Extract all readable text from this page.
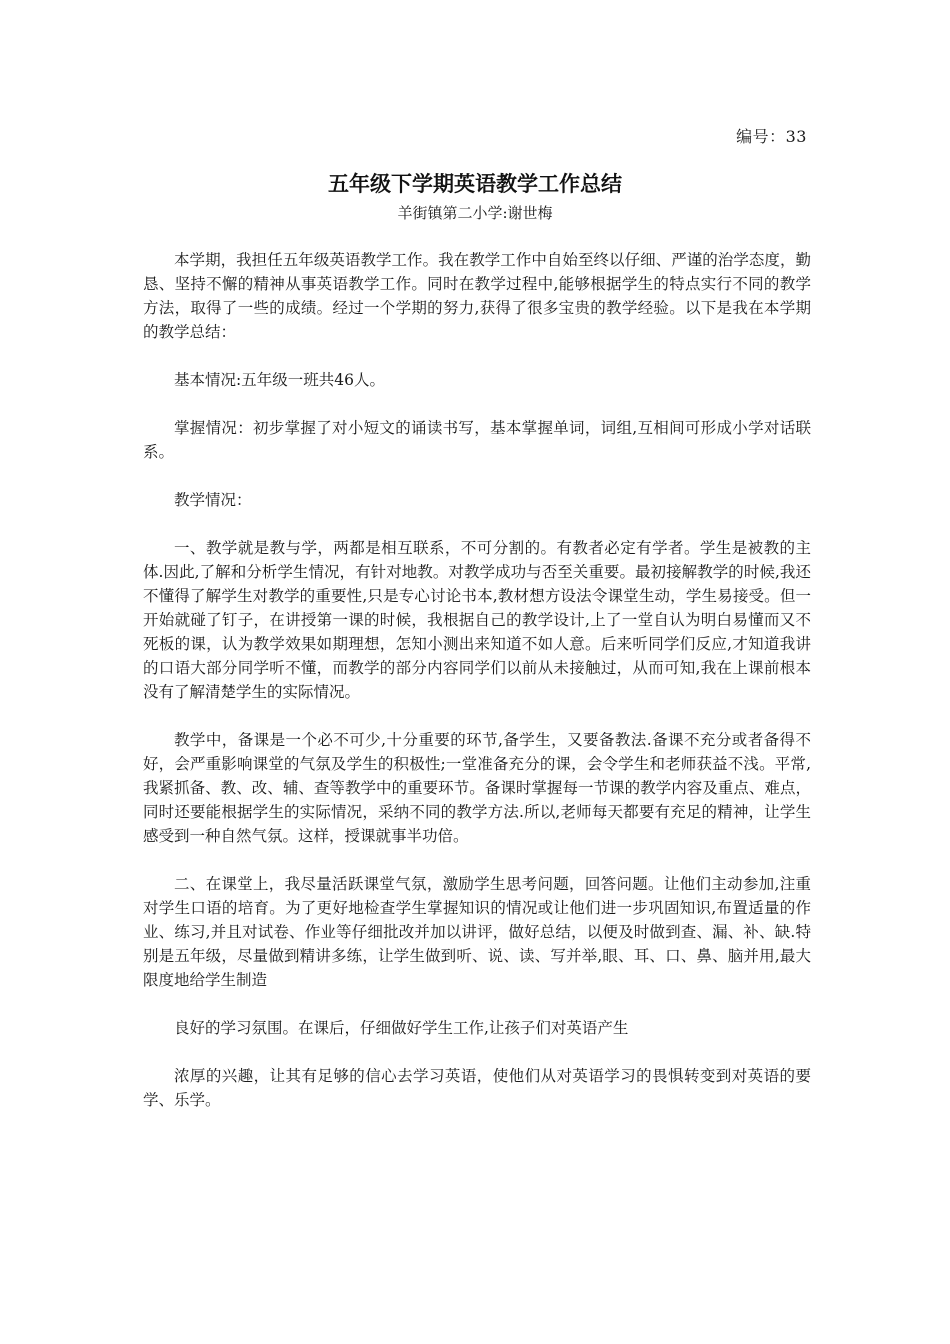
编号：33
五年级下学期英语教学工作总结
羊街镇第二小学:谢世梅

本学期，我担任五年级英语教学工作。我在教学工作中自始至终以仔细、严谨的治学态度，勤恳、坚持不懈的精神从事英语教学工作。同时在教学过程中,能够根据学生的特点实行不同的教学方法，取得了一些的成绩。经过一个学期的努力,获得了很多宝贵的教学经验。以下是我在本学期的教学总结：

基本情况:五年级一班共46人。

掌握情况：初步掌握了对小短文的诵读书写，基本掌握单词，词组,互相间可形成小学对话联系。

教学情况：

一、教学就是教与学，两都是相互联系，不可分割的。有教者必定有学者。学生是被教的主体.因此,了解和分析学生情况，有针对地教。对教学成功与否至关重要。最初接解教学的时候,我还不懂得了解学生对教学的重要性,只是专心讨论书本,教材想方设法令课堂生动，学生易接受。但一开始就碰了钉子，在讲授第一课的时候，我根据自己的教学设计,上了一堂自认为明白易懂而又不死板的课，认为教学效果如期理想，怎知小测出来知道不如人意。后来听同学们反应,才知道我讲的口语大部分同学听不懂，而教学的部分内容同学们以前从未接触过，从而可知,我在上课前根本没有了解清楚学生的实际情况。

教学中，备课是一个必不可少,十分重要的环节,备学生，又要备教法.备课不充分或者备得不好，会严重影响课堂的气氛及学生的积极性;一堂准备充分的课，会令学生和老师获益不浅。平常,我紧抓备、教、改、辅、查等教学中的重要环节。备课时掌握每一节课的教学内容及重点、难点，同时还要能根据学生的实际情况，采纳不同的教学方法.所以,老师每天都要有充足的精神，让学生感受到一种自然气氛。这样，授课就事半功倍。

二、在课堂上，我尽量活跃课堂气氛，激励学生思考问题，回答问题。让他们主动参加,注重对学生口语的培育。为了更好地检查学生掌握知识的情况或让他们进一步巩固知识,布置适量的作业、练习,并且对试卷、作业等仔细批改并加以讲评，做好总结，以便及时做到查、漏、补、缺.特别是五年级，尽量做到精讲多练，让学生做到听、说、读、写并举,眼、耳、口、鼻、脑并用,最大限度地给学生制造

良好的学习氛围。在课后，仔细做好学生工作,让孩子们对英语产生

浓厚的兴趣，让其有足够的信心去学习英语，使他们从对英语学习的畏惧转变到对英语的要学、乐学。
